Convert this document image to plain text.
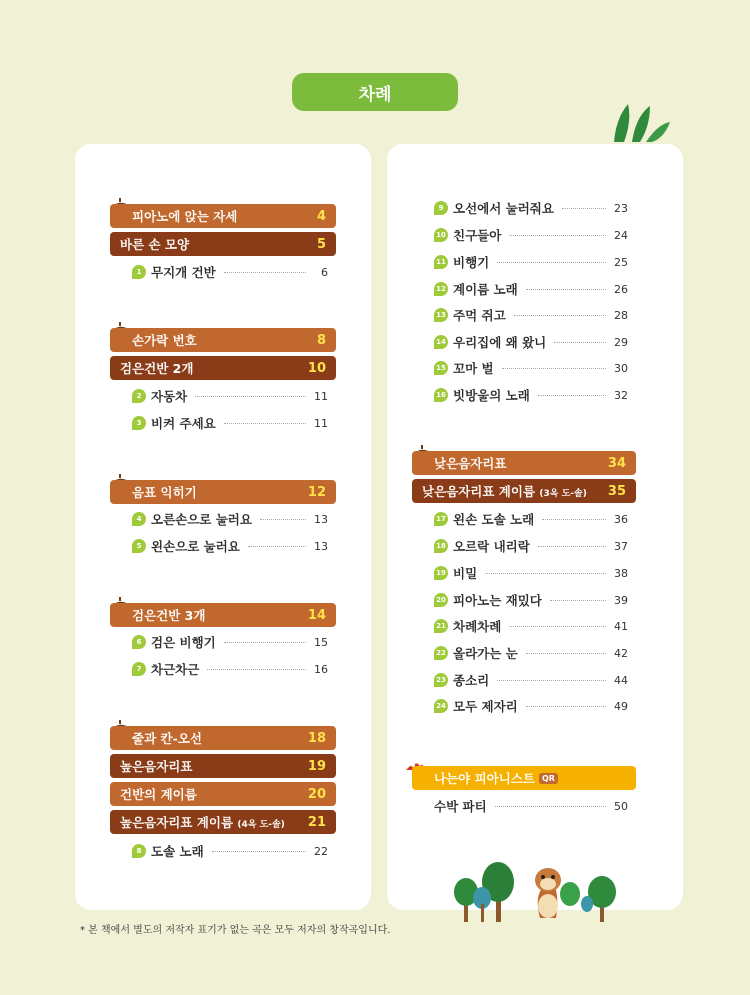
차례
피아노에 앉는 자세	4
바른 손 모양	5
1 무지개 건반	6
손가락 번호	8
검은건반 2개	10
2 자동차	11
3 비켜 주세요	11
음표 익히기	12
4 오른손으로 눌러요	13
5 왼손으로 눌러요	13
검은건반 3개	14
6 검은 비행기	15
7 차근차근	16
줄과 칸-오선	18
높은음자리표	19
건반의 계이름	20
높은음자리표 계이름 (4옥 도-솔) 21
8 도솔 노래	22
9 오선에서 눌러줘요	23
10 친구들아	24
11 비행기	25
12 계이름 노래	26
13 주먹 쥐고	28
14 우리집에 왜 왔니	29
15 꼬마 벌	30
16 빗방울의 노래	32
낮은음자리표	34
낮은음자리표 계이름 (3옥 도-솔) 35
17 왼손 도솔 노래	36
18 오르락 내리락	37
19 비밀	38
20 피아노는 재밌다	39
21 차례차례	41
22 올라가는 눈	42
23 종소리	44
24 모두 제자리	49
나는야 피아니스트 QR
수박 파티	50
* 본 책에서 별도의 저작자 표기가 없는 곡은 모두 저자의 창작곡입니다.
